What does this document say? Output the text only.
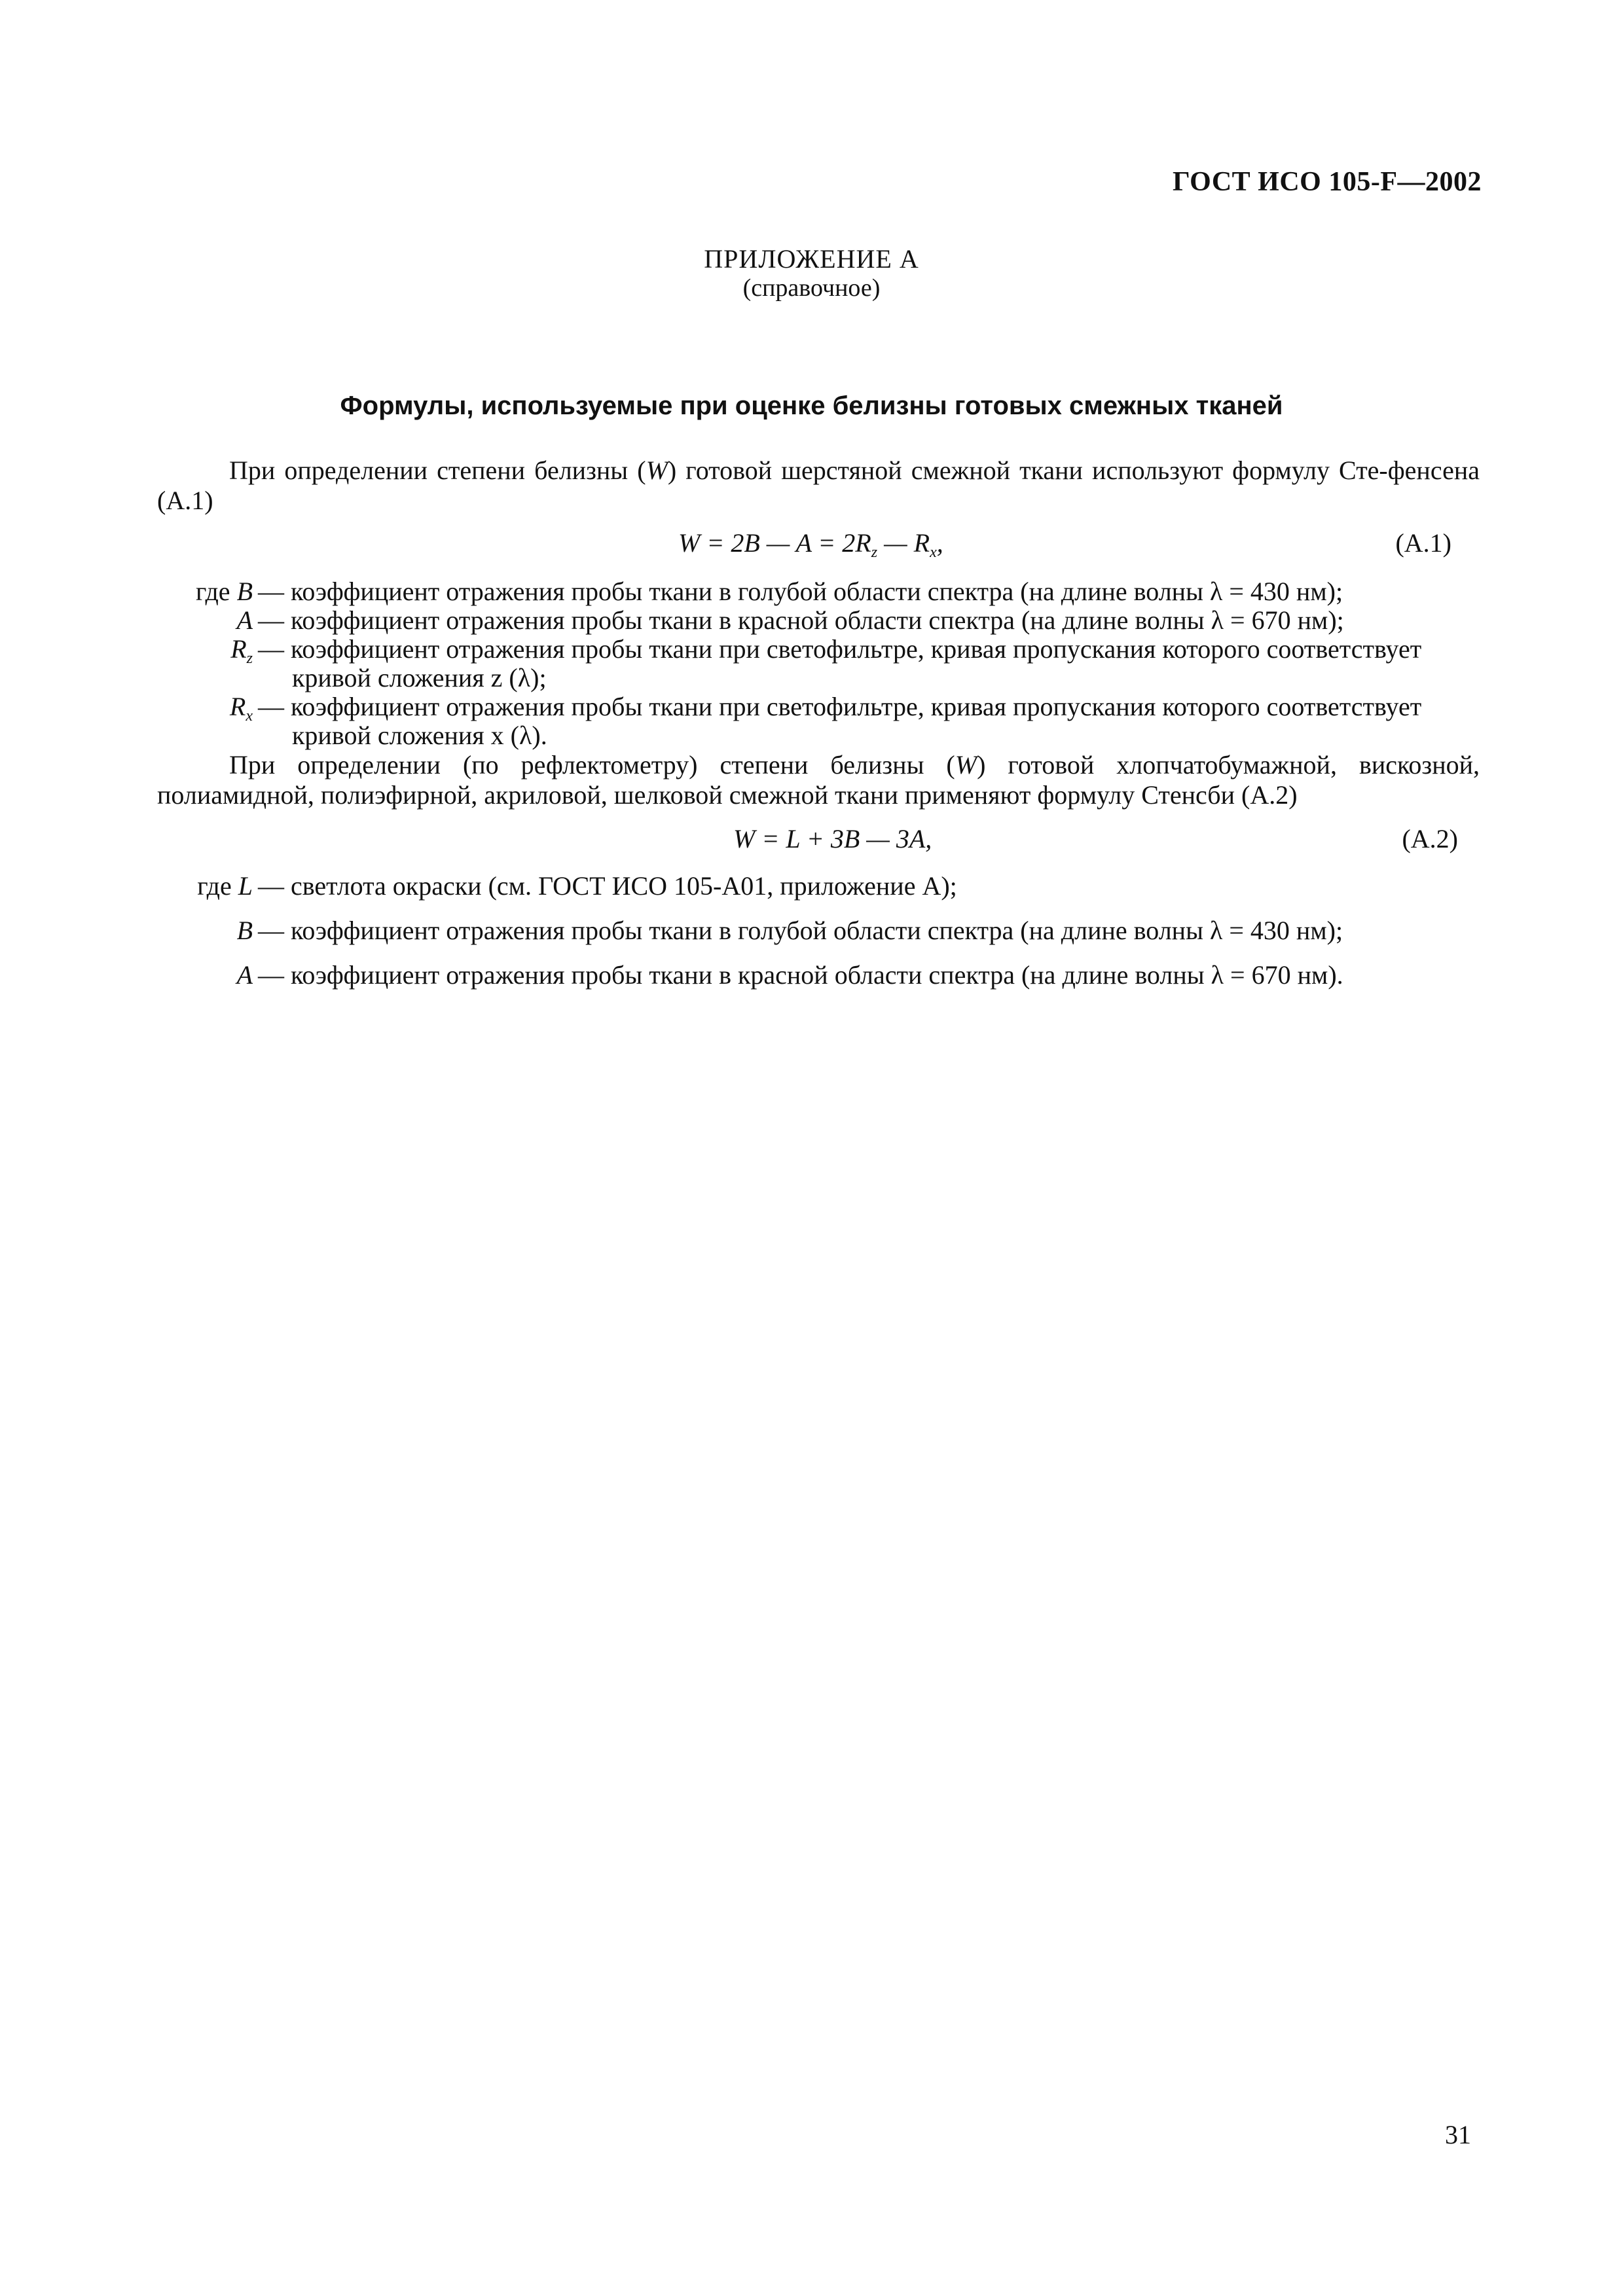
ГОСТ ИСО 105-F—2002
ПРИЛОЖЕНИЕ А
(справочное)
Формулы, используемые при оценке белизны готовых смежных тканей
При определении степени белизны (W) готовой шерстяной смежной ткани используют формулу Сте-фенсена (А.1)
W = 2B — $A = 2R_z$ — $R_x$,	(А.1)
где B — коэффициент отражения пробы ткани в голубой области спектра (на длине волны λ = 430 нм);
A — коэффициент отражения пробы ткани в красной области спектра (на длине волны λ = 670 нм);
$R_z$ — коэффициент отражения пробы ткани при светофильтре, кривая пропускания которого соответствует
кривой сложения z (λ);
$R_x$ — коэффициент отражения пробы ткани при светофильтре, кривая пропускания которого соответствует
кривой сложения x (λ).
При определении (по рефлектометру) степени белизны (W) готовой хлопчатобумажной, вискозной, полиамидной, полиэфирной, акриловой, шелковой смежной ткани применяют формулу Стенсби (А.2)
W = L + 3B — 3A,	(А.2)
где L — светлота окраски (см. ГОСТ ИСО 105-А01, приложение А);
B — коэффициент отражения пробы ткани в голубой области спектра (на длине волны λ = 430 нм);
A — коэффициент отражения пробы ткани в красной области спектра (на длине волны λ = 670 нм).
31
